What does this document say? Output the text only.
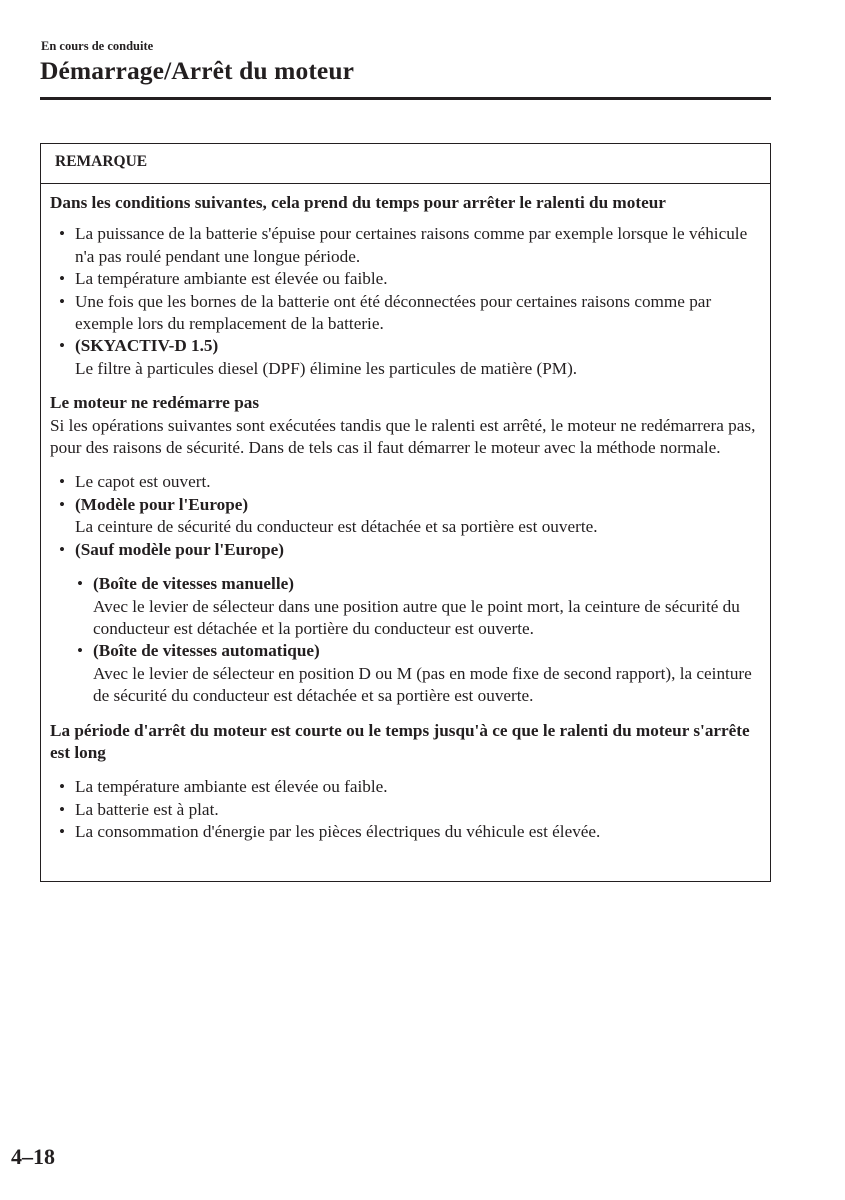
En cours de conduite
Démarrage/Arrêt du moteur
REMARQUE
Dans les conditions suivantes, cela prend du temps pour arrêter le ralenti du moteur
• La puissance de la batterie s'épuise pour certaines raisons comme par exemple lorsque le véhicule n'a pas roulé pendant une longue période.
• La température ambiante est élevée ou faible.
• Une fois que les bornes de la batterie ont été déconnectées pour certaines raisons comme par exemple lors du remplacement de la batterie.
• (SKYACTIV-D 1.5)
Le filtre à particules diesel (DPF) élimine les particules de matière (PM).
Le moteur ne redémarre pas
Si les opérations suivantes sont exécutées tandis que le ralenti est arrêté, le moteur ne redémarrera pas, pour des raisons de sécurité. Dans de tels cas il faut démarrer le moteur avec la méthode normale.
• Le capot est ouvert.
• (Modèle pour l'Europe)
La ceinture de sécurité du conducteur est détachée et sa portière est ouverte.
• (Sauf modèle pour l'Europe)
• (Boîte de vitesses manuelle)
Avec le levier de sélecteur dans une position autre que le point mort, la ceinture de sécurité du conducteur est détachée et la portière du conducteur est ouverte.
• (Boîte de vitesses automatique)
Avec le levier de sélecteur en position D ou M (pas en mode fixe de second rapport), la ceinture de sécurité du conducteur est détachée et sa portière est ouverte.
La période d'arrêt du moteur est courte ou le temps jusqu'à ce que le ralenti du moteur s'arrête est long
• La température ambiante est élevée ou faible.
• La batterie est à plat.
• La consommation d'énergie par les pièces électriques du véhicule est élevée.
4–18
